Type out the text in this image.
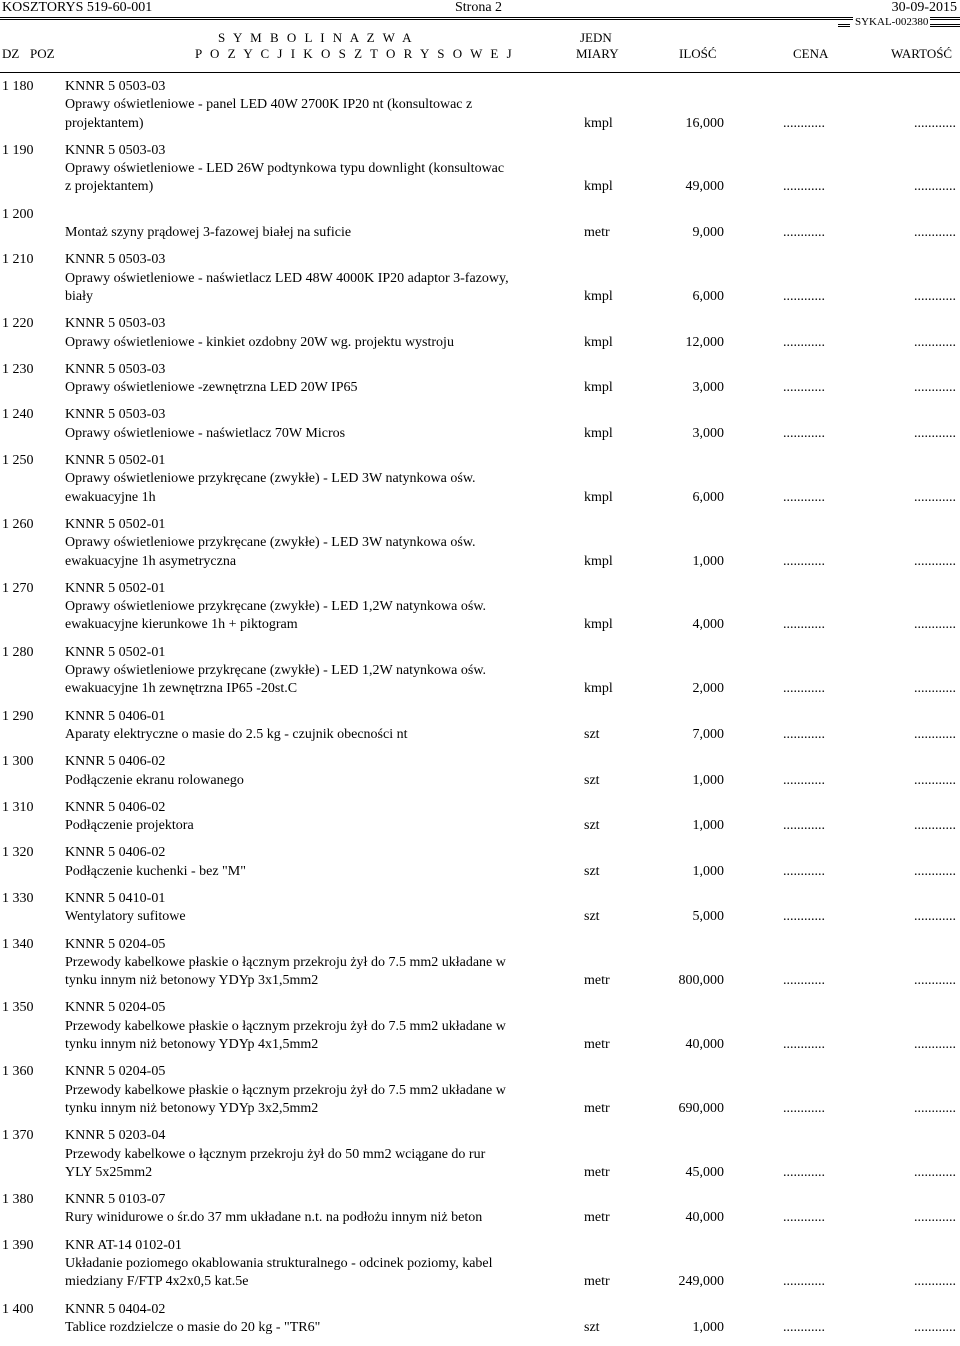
KOSZTORYS 519-60-001	Strona 2	30-09-2015
SYKAL-002380
DZ POZ
S Y M B O L I N A Z W A
P O Z Y C J I K O S Z T O R Y S O W E J
JEDN
MIARY	ILOŚĆ	CENA	WARTOŚĆ
1 180	KNNR 5 0503-03
Oprawy oświetleniowe - panel LED 40W 2700K IP20 nt (konsultowac z
projektantem)	kmpl	16,000	............	............
1 190	KNNR 5 0503-03
Oprawy oświetleniowe - LED 26W podtynkowa typu downlight (konsultowac
z projektantem)	kmpl	49,000	............	............
1 200
Montaż szyny prądowej 3-fazowej białej na suficie	metr	9,000	............	............
1 210	KNNR 5 0503-03
Oprawy oświetleniowe - naświetlacz LED 48W 4000K IP20 adaptor 3-fazowy,
biały	kmpl	6,000	............	............
1 220	KNNR 5 0503-03
Oprawy oświetleniowe - kinkiet ozdobny 20W wg. projektu wystroju	kmpl	12,000	............	............
1 230	KNNR 5 0503-03
Oprawy oświetleniowe -zewnętrzna LED 20W IP65	kmpl	3,000	............	............
1 240	KNNR 5 0503-03
Oprawy oświetleniowe - naświetlacz 70W Micros	kmpl	3,000	............	............
1 250	KNNR 5 0502-01
Oprawy oświetleniowe przykręcane (zwykłe) - LED 3W natynkowa ośw.
ewakuacyjne 1h	kmpl	6,000	............	............
1 260	KNNR 5 0502-01
Oprawy oświetleniowe przykręcane (zwykłe) - LED 3W natynkowa ośw.
ewakuacyjne 1h asymetryczna	kmpl	1,000	............	............
1 270	KNNR 5 0502-01
Oprawy oświetleniowe przykręcane (zwykłe) - LED 1,2W natynkowa ośw.
ewakuacyjne kierunkowe 1h + piktogram	kmpl	4,000	............	............
1 280	KNNR 5 0502-01
Oprawy oświetleniowe przykręcane (zwykłe) - LED 1,2W natynkowa ośw.
ewakuacyjne 1h zewnętrzna IP65 -20st.C	kmpl	2,000	............	............
1 290	KNNR 5 0406-01
Aparaty elektryczne o masie do 2.5 kg - czujnik obecności nt	szt	7,000	............	............
1 300	KNNR 5 0406-02
Podłączenie ekranu rolowanego	szt	1,000	............	............
1 310	KNNR 5 0406-02
Podłączenie projektora	szt	1,000	............	............
1 320	KNNR 5 0406-02
Podłączenie kuchenki - bez "M"	szt	1,000	............	............
1 330	KNNR 5 0410-01
Wentylatory sufitowe	szt	5,000	............	............
1 340	KNNR 5 0204-05
Przewody kabelkowe płaskie o łącznym przekroju żył do 7.5 mm2 układane w
tynku innym niż betonowy YDYp 3x1,5mm2	metr	800,000	............	............
1 350	KNNR 5 0204-05
Przewody kabelkowe płaskie o łącznym przekroju żył do 7.5 mm2 układane w
tynku innym niż betonowy YDYp 4x1,5mm2	metr	40,000	............	............
1 360	KNNR 5 0204-05
Przewody kabelkowe płaskie o łącznym przekroju żył do 7.5 mm2 układane w
tynku innym niż betonowy YDYp 3x2,5mm2	metr	690,000	............	............
1 370	KNNR 5 0203-04
Przewody kabelkowe o łącznym przekroju żył do 50 mm2 wciągane do rur
YLY 5x25mm2	metr	45,000	............	............
1 380	KNNR 5 0103-07
Rury winidurowe o śr.do 37 mm układane n.t. na podłożu innym niż beton	metr	40,000	............	............
1 390	KNR AT-14 0102-01
Układanie poziomego okablowania strukturalnego - odcinek poziomy, kabel
miedziany F/FTP 4x2x0,5 kat.5e	metr	249,000	............	............
1 400	KNNR 5 0404-02
Tablice rozdzielcze o masie do 20 kg - "TR6"	szt	1,000	............	............
